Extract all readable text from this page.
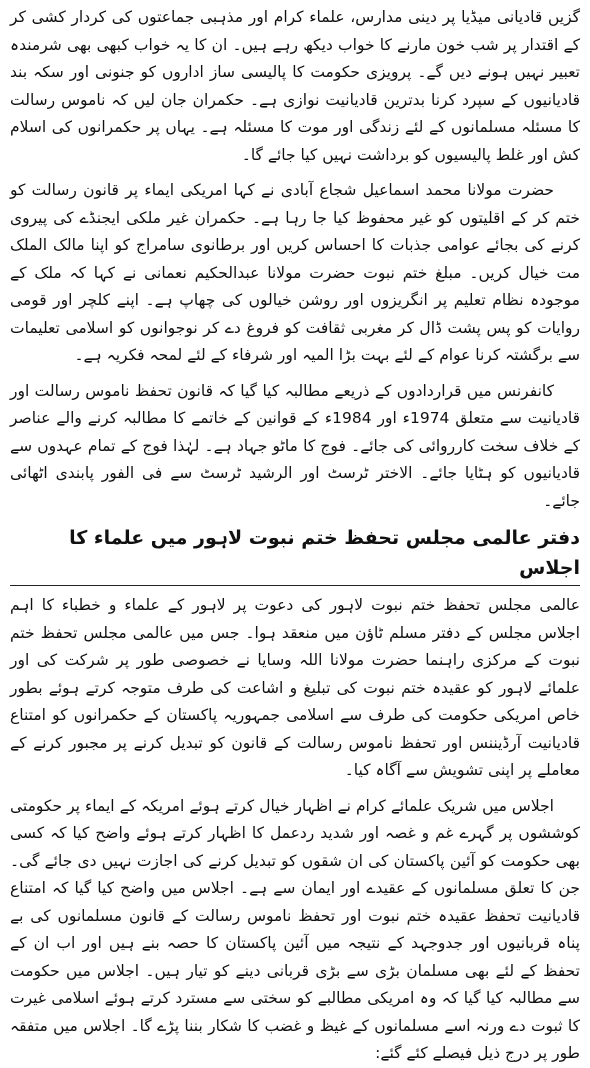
گزیں قادیانی میڈیا پر دینی مدارس، علماء کرام اور مذہبی جماعتوں کی کردار کشی کر کے اقتدار پر شب خون مارنے کا خواب دیکھ رہے ہیں۔ ان کا یہ خواب کبھی بھی شرمندہ تعبیر نہیں ہونے دیں گے۔ پرویزی حکومت کا پالیسی ساز اداروں کو جنونی اور سکہ بند قادیانیوں کے سپرد کرنا بدترین قادیانیت نوازی ہے۔ حکمران جان لیں کہ ناموس رسالت کا مسئلہ مسلمانوں کے لئے زندگی اور موت کا مسئلہ ہے۔ یہاں پر حکمرانوں کی اسلام کش اور غلط پالیسیوں کو برداشت نہیں کیا جائے گا۔

حضرت مولانا محمد اسماعیل شجاع آبادی نے کہا امریکی ایماء پر قانون رسالت کو ختم کر کے اقلیتوں کو غیر محفوظ کیا جا رہا ہے۔ حکمران غیر ملکی ایجنڈے کی پیروی کرنے کی بجائے عوامی جذبات کا احساس کریں اور برطانوی سامراج کو اپنا مالک الملک مت خیال کریں۔ مبلغ ختم نبوت حضرت مولانا عبدالحکیم نعمانی نے کہا کہ ملک کے موجودہ نظام تعلیم پر انگریزوں اور روشن خیالوں کی چھاپ ہے۔ اپنے کلچر اور قومی روایات کو پس پشت ڈال کر مغربی ثقافت کو فروغ دے کر نوجوانوں کو اسلامی تعلیمات سے برگشتہ کرنا عوام کے لئے بہت بڑا المیہ اور شرفاء کے لئے لمحہ فکریہ ہے۔

کانفرنس میں قراردادوں کے ذریعے مطالبہ کیا گیا کہ قانون تحفظ ناموس رسالت اور قادیانیت سے متعلق 1974ء اور 1984ء کے قوانین کے خاتمے کا مطالبہ کرنے والے عناصر کے خلاف سخت کارروائی کی جائے۔ فوج کا ماٹو جہاد ہے۔ لہٰذا فوج کے تمام عہدوں سے قادیانیوں کو ہٹایا جائے۔ الاختر ٹرسٹ اور الرشید ٹرسٹ سے فی الفور پابندی اٹھائی جائے۔

دفتر عالمی مجلس تحفظ ختم نبوت لاہور میں علماء کا اجلاس

عالمی مجلس تحفظ ختم نبوت لاہور کی دعوت پر لاہور کے علماء و خطباء کا اہم اجلاس مجلس کے دفتر مسلم ٹاؤن میں منعقد ہوا۔ جس میں عالمی مجلس تحفظ ختم نبوت کے مرکزی راہنما حضرت مولانا اللہ وسایا نے خصوصی طور پر شرکت کی اور علمائے لاہور کو عقیدہ ختم نبوت کی تبلیغ و اشاعت کی طرف متوجہ کرتے ہوئے بطور خاص امریکی حکومت کی طرف سے اسلامی جمہوریہ پاکستان کے حکمرانوں کو امتناع قادیانیت آرڈیننس اور تحفظ ناموس رسالت کے قانون کو تبدیل کرنے پر مجبور کرنے کے معاملے پر اپنی تشویش سے آگاہ کیا۔

اجلاس میں شریک علمائے کرام نے اظہار خیال کرتے ہوئے امریکہ کے ایماء پر حکومتی کوششوں پر گہرے غم و غصہ اور شدید ردعمل کا اظہار کرتے ہوئے واضح کیا کہ کسی بھی حکومت کو آئین پاکستان کی ان شقوں کو تبدیل کرنے کی اجازت نہیں دی جائے گی۔ جن کا تعلق مسلمانوں کے عقیدے اور ایمان سے ہے۔ اجلاس میں واضح کیا گیا کہ امتناع قادیانیت تحفظ عقیدہ ختم نبوت اور تحفظ ناموس رسالت کے قانون مسلمانوں کی بے پناہ قربانیوں اور جدوجہد کے نتیجہ میں آئین پاکستان کا حصہ بنے ہیں اور اب ان کے تحفظ کے لئے بھی مسلمان بڑی سے بڑی قربانی دینے کو تیار ہیں۔ اجلاس میں حکومت سے مطالبہ کیا گیا کہ وہ امریکی مطالبے کو سختی سے مسترد کرتے ہوئے اسلامی غیرت کا ثبوت دے ورنہ اسے مسلمانوں کے غیظ و غضب کا شکار بننا پڑے گا۔ اجلاس میں متفقہ طور پر درج ذیل فیصلے کئے گئے:
